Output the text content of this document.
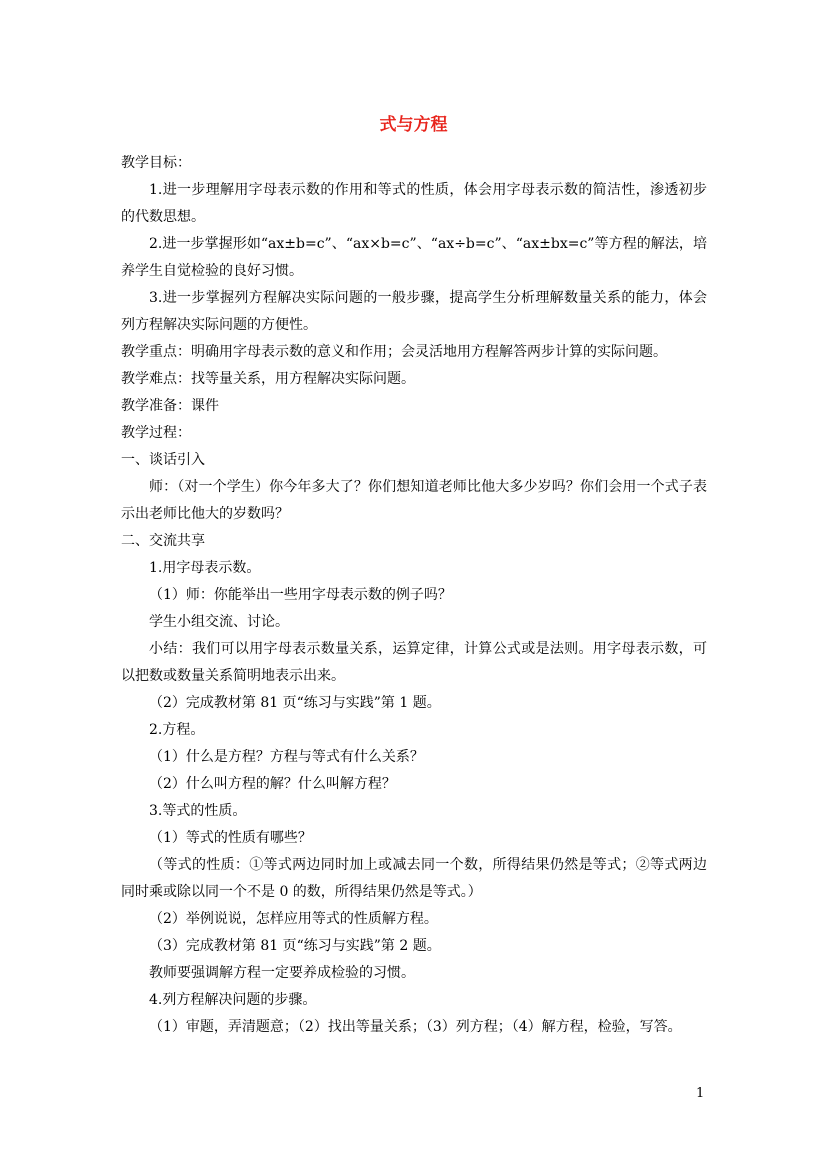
式与方程

教学目标：

1.进一步理解用字母表示数的作用和等式的性质，体会用字母表示数的简洁性，渗透初步的代数思想。

2.进一步掌握形如“ax±b=c”、“ax×b=c”、“ax÷b=c”、“ax±bx=c”等方程的解法，培养学生自觉检验的良好习惯。

3.进一步掌握列方程解决实际问题的一般步骤，提高学生分析理解数量关系的能力，体会列方程解决实际问题的方便性。

教学重点：明确用字母表示数的意义和作用；会灵活地用方程解答两步计算的实际问题。

教学难点：找等量关系，用方程解决实际问题。

教学准备：课件

教学过程：

一、谈话引入

师：（对一个学生）你今年多大了？你们想知道老师比他大多少岁吗？你们会用一个式子表示出老师比他大的岁数吗？

二、交流共享

1.用字母表示数。

（1）师：你能举出一些用字母表示数的例子吗？

学生小组交流、讨论。

小结：我们可以用字母表示数量关系，运算定律，计算公式或是法则。用字母表示数，可以把数或数量关系简明地表示出来。

（2）完成教材第 81 页“练习与实践”第 1 题。

2.方程。

（1）什么是方程？方程与等式有什么关系？

（2）什么叫方程的解？什么叫解方程？

3.等式的性质。

（1）等式的性质有哪些？

（等式的性质：①等式两边同时加上或减去同一个数，所得结果仍然是等式；②等式两边同时乘或除以同一个不是 0 的数，所得结果仍然是等式。）

（2）举例说说，怎样应用等式的性质解方程。

（3）完成教材第 81 页“练习与实践”第 2 题。

教师要强调解方程一定要养成检验的习惯。

4.列方程解决问题的步骤。

（1）审题，弄清题意；（2）找出等量关系；（3）列方程；（4）解方程，检验，写答。

1
